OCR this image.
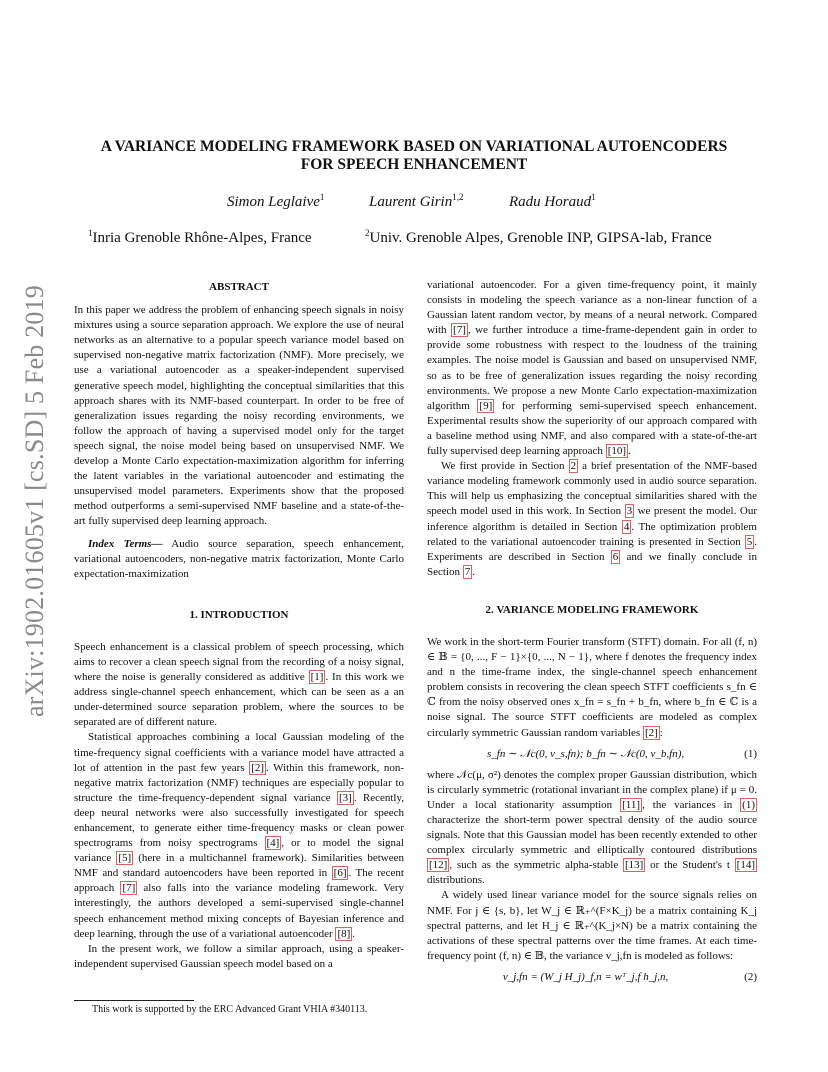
arXiv:1902.01605v1 [cs.SD] 5 Feb 2019
A VARIANCE MODELING FRAMEWORK BASED ON VARIATIONAL AUTOENCODERS
FOR SPEECH ENHANCEMENT
Simon Leglaive$^1$	Laurent Girin$^{1,2}$	Radu Horaud$^1$
$^1$Inria Grenoble Rhône-Alpes, France	$^2$Univ. Grenoble Alpes, Grenoble INP, GIPSA-lab, France

ABSTRACT

In this paper we address the problem of enhancing speech signals in noisy mixtures using a source separation approach. We explore the use of neural networks as an alternative to a popular speech variance model based on supervised non-negative matrix factorization (NMF). More precisely, we use a variational autoencoder as a speaker-independent supervised generative speech model, highlighting the conceptual similarities that this approach shares with its NMF-based counterpart. In order to be free of generalization issues regarding the noisy recording environments, we follow the approach of having a supervised model only for the target speech signal, the noise model being based on unsupervised NMF. We develop a Monte Carlo expectation-maximization algorithm for inferring the latent variables in the variational autoencoder and estimating the unsupervised model parameters. Experiments show that the proposed method outperforms a semi-supervised NMF baseline and a state-of-the-art fully supervised deep learning approach.

Index Terms— Audio source separation, speech enhancement, variational autoencoders, non-negative matrix factorization, Monte Carlo expectation-maximization

1. INTRODUCTION

Speech enhancement is a classical problem of speech processing, which aims to recover a clean speech signal from the recording of a noisy signal, where the noise is generally considered as additive [1] . In this work we address single-channel speech enhancement, which can be seen as a an under-determined source separation problem, where the sources to be separated are of different nature.

Statistical approaches combining a local Gaussian modeling of the time-frequency signal coefficients with a variance model have attracted a lot of attention in the past few years [2] . Within this framework, non-negative matrix factorization (NMF) techniques are especially popular to structure the time-frequency-dependent signal variance [3] . Recently, deep neural networks were also successfully investigated for speech enhancement, to generate either time-frequency masks or clean power spectrograms from noisy spectrograms [4] , or to model the signal variance [5] (here in a multichannel framework). Similarities between NMF and standard autoencoders have been reported in [6] . The recent approach [7] also falls into the variance modeling framework. Very interestingly, the authors developed a semi-supervised single-channel speech enhancement method mixing concepts of Bayesian inference and deep learning, through the use of a variational autoencoder [8] .

In the present work, we follow a similar approach, using a speaker-independent supervised Gaussian speech model based on a

This work is supported by the ERC Advanced Grant VHIA #340113.

variational autoencoder. For a given time-frequency point, it mainly consists in modeling the speech variance as a non-linear function of a Gaussian latent random vector, by means of a neural network. Compared with [7] , we further introduce a time-frame-dependent gain in order to provide some robustness with respect to the loudness of the training examples. The noise model is Gaussian and based on unsupervised NMF, so as to be free of generalization issues regarding the noisy recording environments. We propose a new Monte Carlo expectation-maximization algorithm [9] for performing semi-supervised speech enhancement. Experimental results show the superiority of our approach compared with a baseline method using NMF, and also compared with a state-of-the-art fully supervised deep learning approach [10] .

We first provide in Section 2 a brief presentation of the NMF-based variance modeling framework commonly used in audio source separation. This will help us emphasizing the conceptual similarities shared with the speech model used in this work. In Section 3 we present the model. Our inference algorithm is detailed in Section 4 . The optimization problem related to the variational autoencoder training is presented in Section 5 . Experiments are described in Section 6 and we finally conclude in Section 7 .

2. VARIANCE MODELING FRAMEWORK

We work in the short-term Fourier transform (STFT) domain. For all (f, n) ∈ 𝔹 = {0, ..., F − 1}×{0, ..., N − 1}, where f denotes the frequency index and n the time-frame index, the single-channel speech enhancement problem consists in recovering the clean speech STFT coefficients s_fn ∈ ℂ from the noisy observed ones x_fn = s_fn + b_fn, where b_fn ∈ ℂ is a noise signal. The source STFT coefficients are modeled as complex circularly symmetric Gaussian random variables [2] :

s_fn ∼ 𝒩c(0, v_s,fn); b_fn ∼ 𝒩c(0, v_b,fn),	(1)

where 𝒩c(μ, σ²) denotes the complex proper Gaussian distribution, which is circularly symmetric (rotational invariant in the complex plane) if μ = 0. Under a local stationarity assumption [11] , the variances in (1) characterize the short-term power spectral density of the audio source signals. Note that this Gaussian model has been recently extended to other complex circularly symmetric and elliptically contoured distributions [12] , such as the symmetric alpha-stable [13] or the Student's t [14] distributions.

A widely used linear variance model for the source signals relies on NMF. For j ∈ {s, b}, let W_j ∈ ℝ₊^(F×K_j) be a matrix containing K_j spectral patterns, and let H_j ∈ ℝ₊^(K_j×N) be a matrix containing the activations of these spectral patterns over the time frames. At each time-frequency point (f, n) ∈ 𝔹, the variance v_j,fn is modeled as follows:

v_j,fn = (W_j H_j)_f,n = wᵀ_j,f h_j,n,	(2)
